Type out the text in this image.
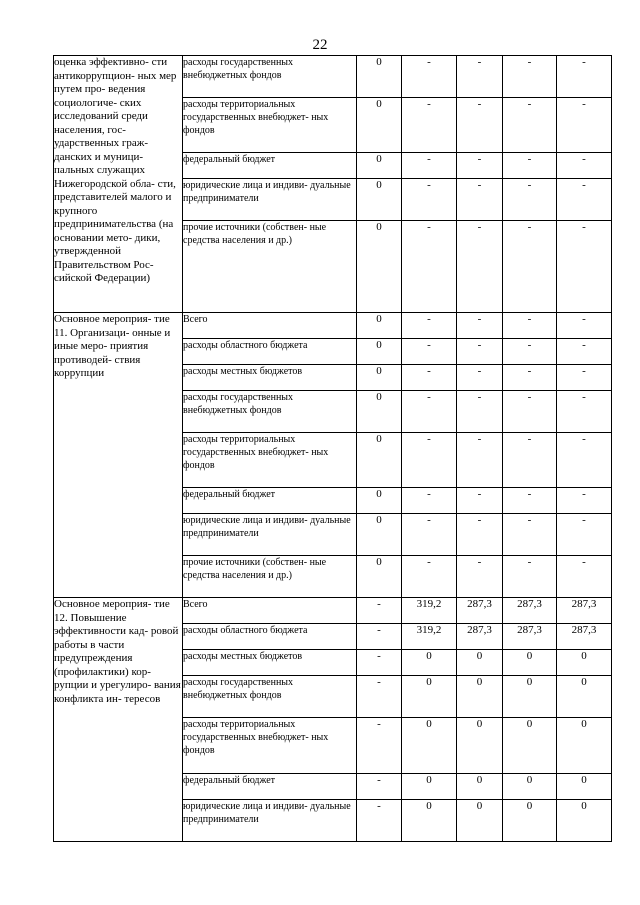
22
оценка эффективно- сти антикоррупцион- ных мер путем про- ведения социологиче- ских исследований среди населения, гос- ударственных граж- данских и муници- пальных служащих Нижегородской обла- сти, представителей малого и крупного предпринимательства (на основании мето- дики, утвержденной Правительством Рос- сийской Федерации)	расходы государственных внебюджетных фондов	0	-	-	-	-
	расходы территориальных государственных внебюджет- ных фондов	0	-	-	-	-
	федеральный бюджет	0	-	-	-	-
	юридические лица и индиви- дуальные предприниматели	0	-	-	-	-
	прочие источники (собствен- ные средства населения и др.)	0	-	-	-	-
Основное мероприя- тие 11. Организаци- онные и иные меро- приятия противодей- ствия коррупции	Всего	0	-	-	-	-
	расходы областного бюджета	0	-	-	-	-
	расходы местных бюджетов	0	-	-	-	-
	расходы государственных внебюджетных фондов	0	-	-	-	-
	расходы территориальных государственных внебюджет- ных фондов	0	-	-	-	-
	федеральный бюджет	0	-	-	-	-
	юридические лица и индиви- дуальные предприниматели	0	-	-	-	-
	прочие источники (собствен- ные средства населения и др.)	0	-	-	-	-
Основное мероприя- тие 12. Повышение эффективности кад- ровой работы в части предупреждения (профилактики) кор- рупции и урегулиро- вания конфликта ин- тересов	Всего	-	319,2	287,3	287,3	287,3
	расходы областного бюджета	-	319,2	287,3	287,3	287,3
	расходы местных бюджетов	-	0	0	0	0
	расходы государственных внебюджетных фондов	-	0	0	0	0
	расходы территориальных государственных внебюджет- ных фондов	-	0	0	0	0
	федеральный бюджет	-	0	0	0	0
	юридические лица и индиви- дуальные предприниматели	-	0	0	0	0
